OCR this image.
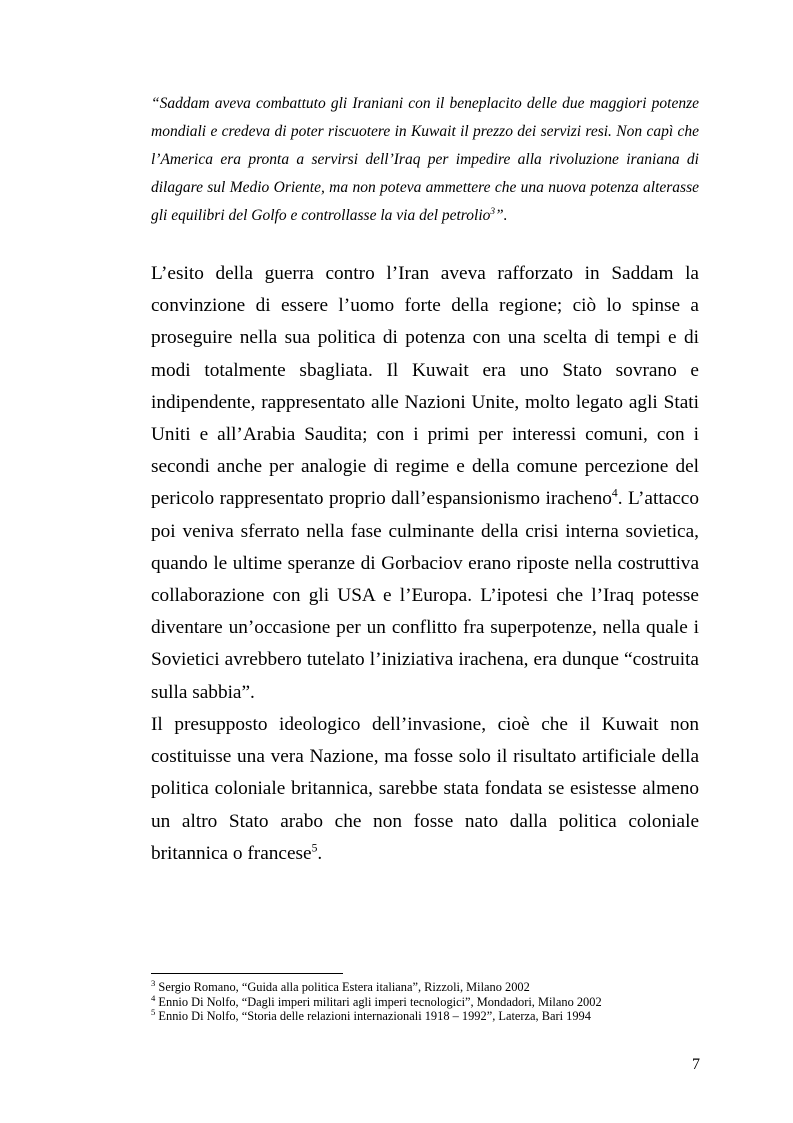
“Saddam aveva combattuto gli Iraniani con il beneplacito delle due maggiori potenze mondiali e credeva di poter riscuotere in Kuwait il prezzo dei servizi resi. Non capì che l’America era pronta a servirsi dell’Iraq per impedire alla rivoluzione iraniana di dilagare sul Medio Oriente, ma non poteva ammettere che una nuova potenza alterasse gli equilibri del Golfo e controllasse la via del petrolio$^3$”.

L’esito della guerra contro l’Iran aveva rafforzato in Saddam la convinzione di essere l’uomo forte della regione; ciò lo spinse a proseguire nella sua politica di potenza con una scelta di tempi e di modi totalmente sbagliata. Il Kuwait era uno Stato sovrano e indipendente, rappresentato alle Nazioni Unite, molto legato agli Stati Uniti e all’Arabia Saudita; con i primi per interessi comuni, con i secondi anche per analogie di regime e della comune percezione del pericolo rappresentato proprio dall’espansionismo iracheno$^4$. L’attacco poi veniva sferrato nella fase culminante della crisi interna sovietica, quando le ultime speranze di Gorbaciov erano riposte nella costruttiva collaborazione con gli USA e l’Europa. L’ipotesi che l’Iraq potesse diventare un’occasione per un conflitto fra superpotenze, nella quale i Sovietici avrebbero tutelato l’iniziativa irachena, era dunque “costruita sulla sabbia”.

Il presupposto ideologico dell’invasione, cioè che il Kuwait non costituisse una vera Nazione, ma fosse solo il risultato artificiale della politica coloniale britannica, sarebbe stata fondata se esistesse almeno un altro Stato arabo che non fosse nato dalla politica coloniale britannica o francese$^5$.

$^3$ Sergio Romano, “Guida alla politica Estera italiana”, Rizzoli, Milano 2002

$^4$ Ennio Di Nolfo, “Dagli imperi militari agli imperi tecnologici”, Mondadori, Milano 2002

$^5$ Ennio Di Nolfo, “Storia delle relazioni internazionali 1918 – 1992”, Laterza, Bari 1994

7
